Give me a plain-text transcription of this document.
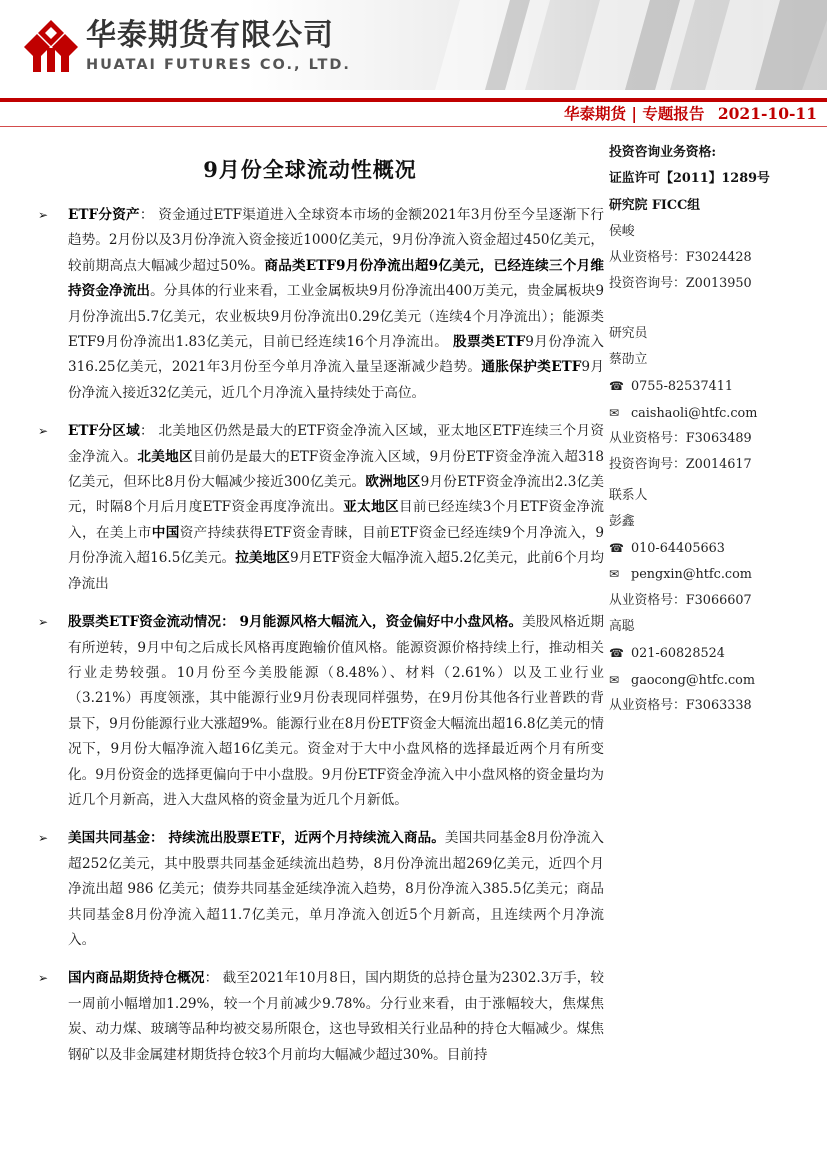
华泰期货有限公司
HUATAI FUTURES CO., LTD.
华泰期货 | 专题报告 2021-10-11
9月份全球流动性概况
➢ ETF分资产： 资金通过ETF渠道进入全球资本市场的金额2021年3月份至今呈逐渐下行趋势。2月份以及3月份净流入资金接近1000亿美元，9月份净流入资金超过450亿美元，较前期高点大幅减少超过50%。商品类ETF9月份净流出超9亿美元，已经连续三个月维持资金净流出。分具体的行业来看，工业金属板块9月份净流出400万美元，贵金属板块9月份净流出5.7亿美元，农业板块9月份净流出0.29亿美元（连续4个月净流出）；能源类ETF9月份净流出1.83亿美元，目前已经连续16个月净流出。 股票类ETF9月份净流入316.25亿美元，2021年3月份至今单月净流入量呈逐渐减少趋势。通胀保护类ETF9月份净流入接近32亿美元，近几个月净流入量持续处于高位。
➢ ETF分区域： 北美地区仍然是最大的ETF资金净流入区域，亚太地区ETF连续三个月资金净流入。北美地区目前仍是最大的ETF资金净流入区域，9月份ETF资金净流入超318亿美元，但环比8月份大幅减少接近300亿美元。欧洲地区9月份ETF资金净流出2.3亿美元，时隔8个月后月度ETF资金再度净流出。亚太地区目前已经连续3个月ETF资金净流入，在美上市中国资产持续获得ETF资金青睐，目前ETF资金已经连续9个月净流入，9月份净流入超16.5亿美元。拉美地区9月ETF资金大幅净流入超5.2亿美元，此前6个月均净流出
➢ 股票类ETF资金流动情况： 9月能源风格大幅流入，资金偏好中小盘风格。美股风格近期有所逆转，9月中旬之后成长风格再度跑输价值风格。能源资源价格持续上行，推动相关行业走势较强。10月份至今美股能源（8.48%）、材料（2.61%）以及工业行业（3.21%）再度领涨，其中能源行业9月份表现同样强势，在9月份其他各行业普跌的背景下，9月份能源行业大涨超9%。能源行业在8月份ETF资金大幅流出超16.8亿美元的情况下，9月份大幅净流入超16亿美元。资金对于大中小盘风格的选择最近两个月有所变化。9月份资金的选择更偏向于中小盘股。9月份ETF资金净流入中小盘风格的资金量均为近几个月新高，进入大盘风格的资金量为近几个月新低。
➢ 美国共同基金： 持续流出股票ETF，近两个月持续流入商品。美国共同基金8月份净流入超252亿美元，其中股票共同基金延续流出趋势，8月份净流出超269亿美元，近四个月净流出超 986 亿美元；债券共同基金延续净流入趋势，8月份净流入385.5亿美元；商品共同基金8月份净流入超11.7亿美元，单月净流入创近5个月新高，且连续两个月净流入。
➢ 国内商品期货持仓概况： 截至2021年10月8日，国内期货的总持仓量为2302.3万手，较一周前小幅增加1.29%，较一个月前减少9.78%。分行业来看，由于涨幅较大，焦煤焦炭、动力煤、玻璃等品种均被交易所限仓，这也导致相关行业品种的持仓大幅减少。煤焦钢矿以及非金属建材期货持仓较3个月前均大幅减少超过30%。目前持
投资咨询业务资格:
证监许可【2011】1289号
研究院 FICC组
侯峻
从业资格号：F3024428
投资咨询号：Z0013950
研究员
蔡劭立
☎ 0755-82537411
✉ caishaoli@htfc.com
从业资格号：F3063489
投资咨询号：Z0014617
联系人
彭鑫
☎ 010-64405663
✉ pengxin@htfc.com
从业资格号：F3066607
高聪
☎ 021-60828524
✉ gaocong@htfc.com
从业资格号：F3063338
